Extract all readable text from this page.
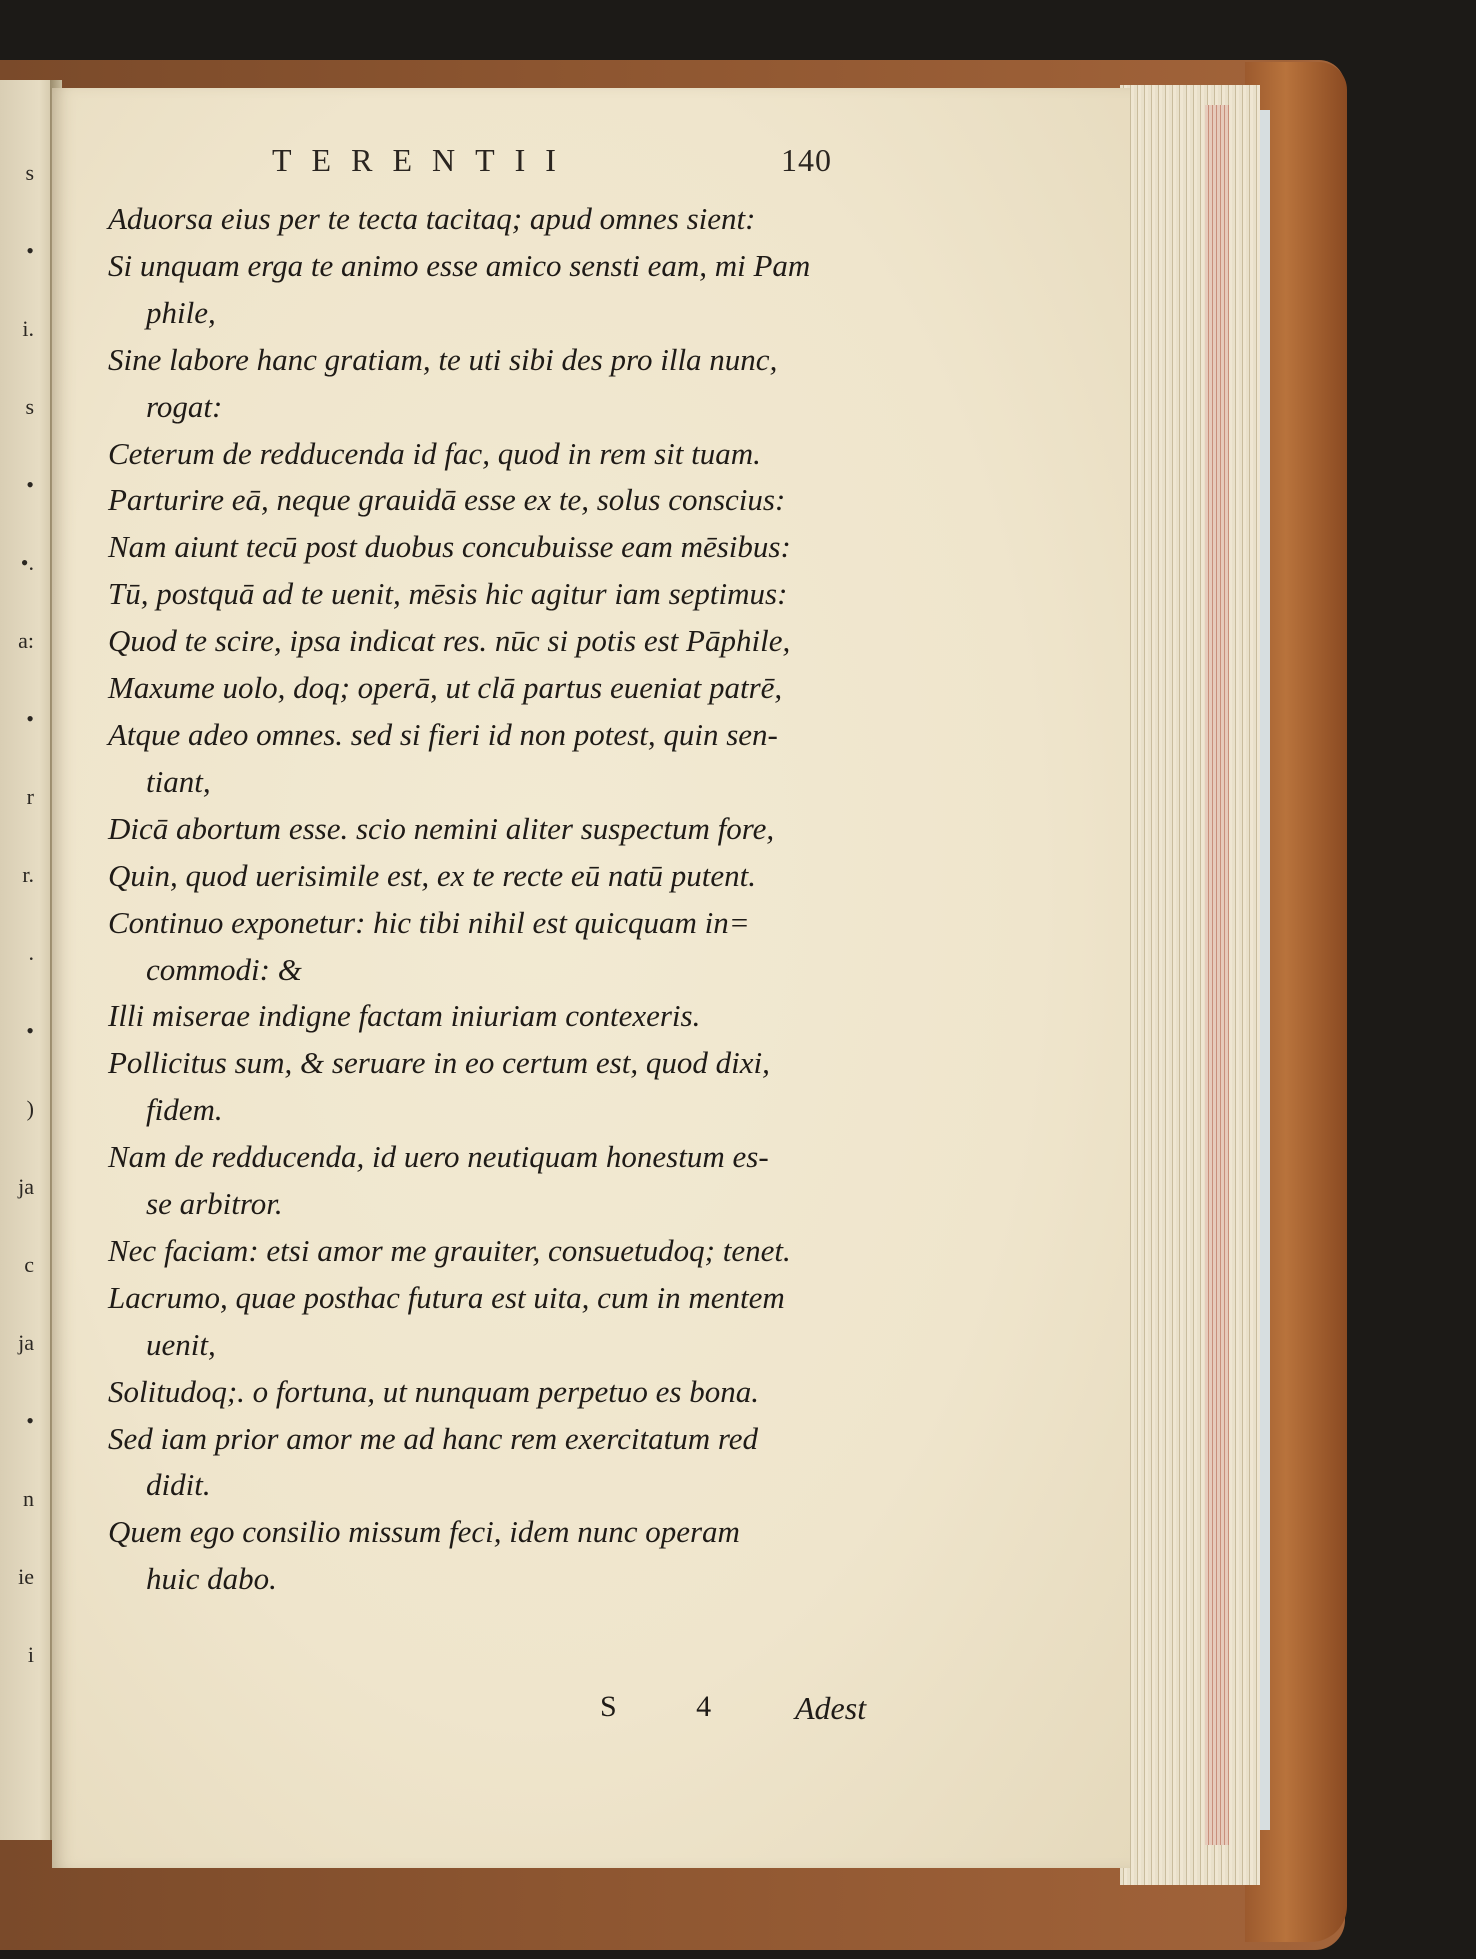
s
•
i.
s
•
•.
a:
•
r
r.
.
•
)
ja
c
ja
•
n
ie
i
TERENTII	140
Aduorsa eius per te tecta tacitaq; apud omnes sient:
Si unquam erga te animo esse amico sensti eam, mi Pam
phile,
Sine labore hanc gratiam, te uti sibi des pro illa nunc,
rogat:
Ceterum de redducenda id fac, quod in rem sit tuam.
Parturire eā, neque grauidā esse ex te, solus conscius:
Nam aiunt tecū post duobus concubuisse eam mēsibus:
Tū, postquā ad te uenit, mēsis hic agitur iam septimus:
Quod te scire, ipsa indicat res. nūc si potis est Pāphile,
Maxume uolo, doq; operā, ut clā partus eueniat patrē,
Atque adeo omnes. sed si fieri id non potest, quin sen-
tiant,
Dicā abortum esse. scio nemini aliter suspectum fore,
Quin, quod uerisimile est, ex te recte eū natū putent.
Continuo exponetur: hic tibi nihil est quicquam in=
commodi: &
Illi miserae indigne factam iniuriam contexeris.
Pollicitus sum, & seruare in eo certum est, quod dixi,
fidem.
Nam de redducenda, id uero neutiquam honestum es-
se arbitror.
Nec faciam: etsi amor me grauiter, consuetudoq; tenet.
Lacrumo, quae posthac futura est uita, cum in mentem
uenit,
Solitudoq;. o fortuna, ut nunquam perpetuo es bona.
Sed iam prior amor me ad hanc rem exercitatum red
didit.
Quem ego consilio missum feci, idem nunc operam
huic dabo.
S 4 Adest
